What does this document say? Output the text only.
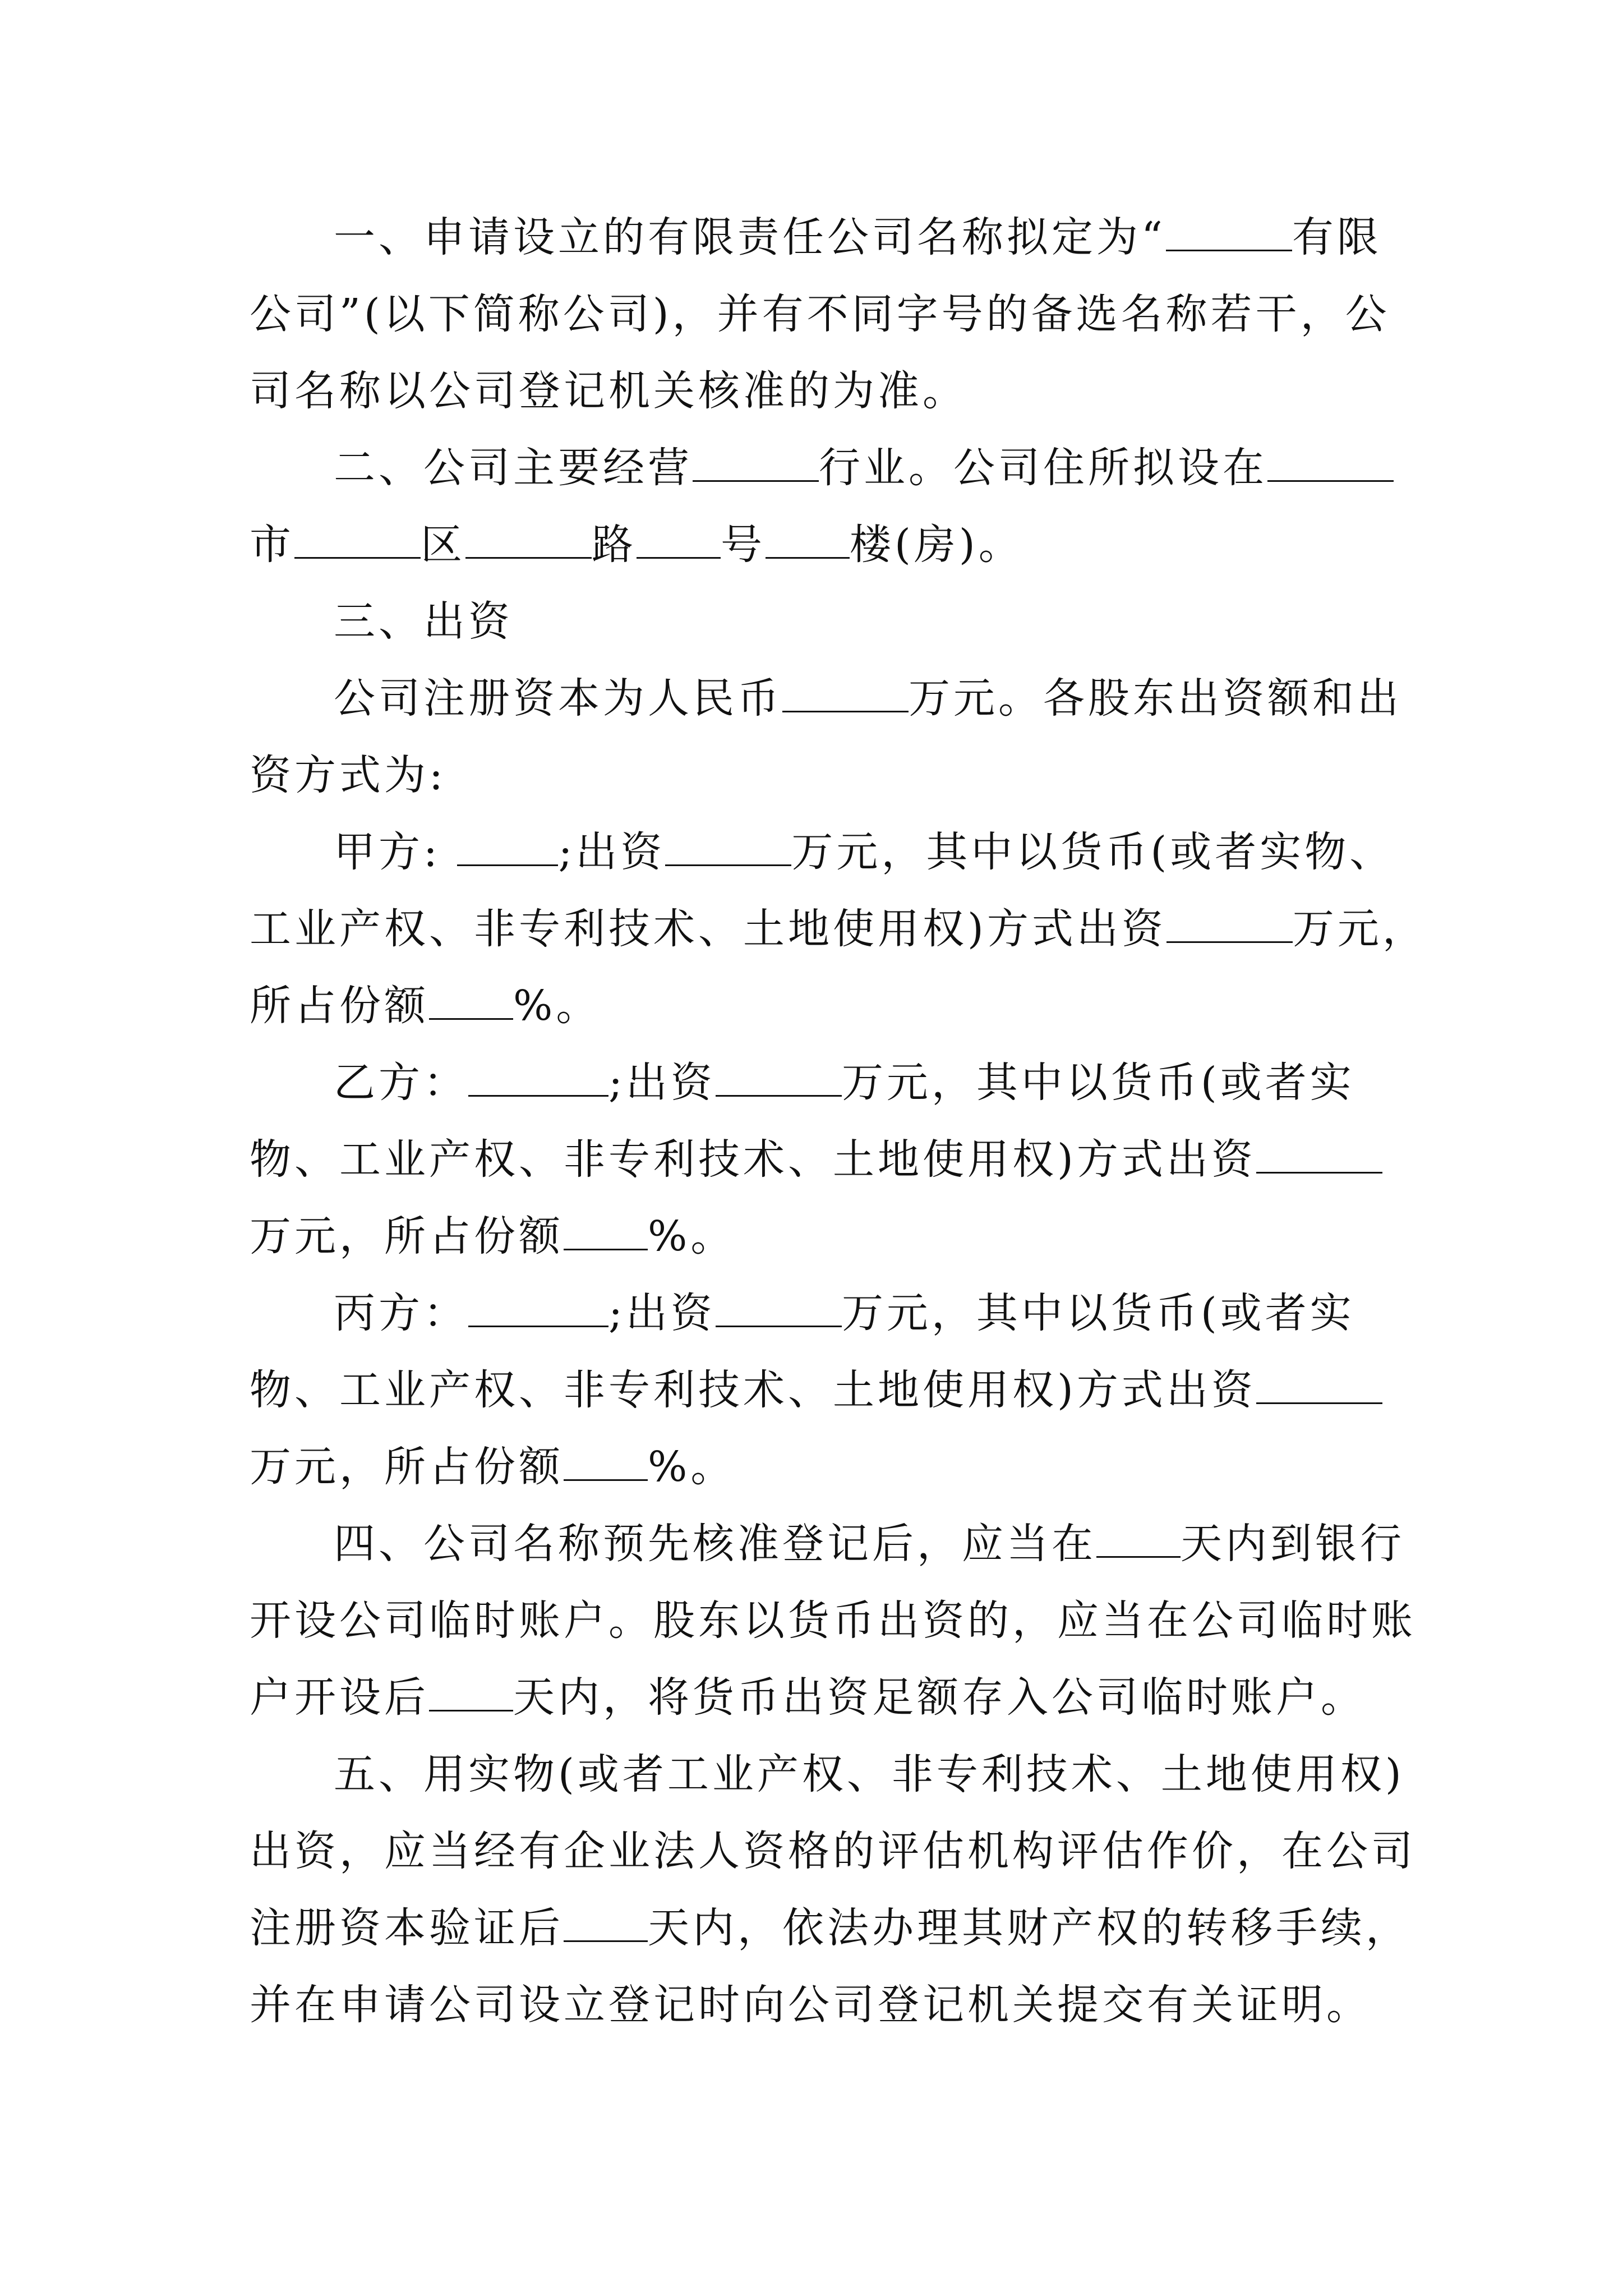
一、申请设立的有限责任公司名称拟定为“	有限
公司”(以下简称公司)，并有不同字号的备选名称若干，公
司名称以公司登记机关核准的为准。
二、公司主要经营	行业。公司住所拟设在
市	区	路 号 楼(房)。
三、出资
公司注册资本为人民币	万元。各股东出资额和出
资方式为:
甲方: ;出资	万元，其中以货币(或者实物、
工业产权、非专利技术、土地使用权)方式出资	万元，
所占份额 %。
乙方：	;出资	万元，其中以货币(或者实
物、工业产权、非专利技术、土地使用权)方式出资
万元，所占份额 %。
丙方：	;出资	万元，其中以货币(或者实
物、工业产权、非专利技术、土地使用权)方式出资
万元，所占份额 %。
四、公司名称预先核准登记后，应当在 天内到银行
开设公司临时账户。股东以货币出资的，应当在公司临时账
户开设后 天内，将货币出资足额存入公司临时账户。
五、用实物(或者工业产权、非专利技术、土地使用权)
出资，应当经有企业法人资格的评估机构评估作价，在公司
注册资本验证后 天内，依法办理其财产权的转移手续，
并在申请公司设立登记时向公司登记机关提交有关证明。
